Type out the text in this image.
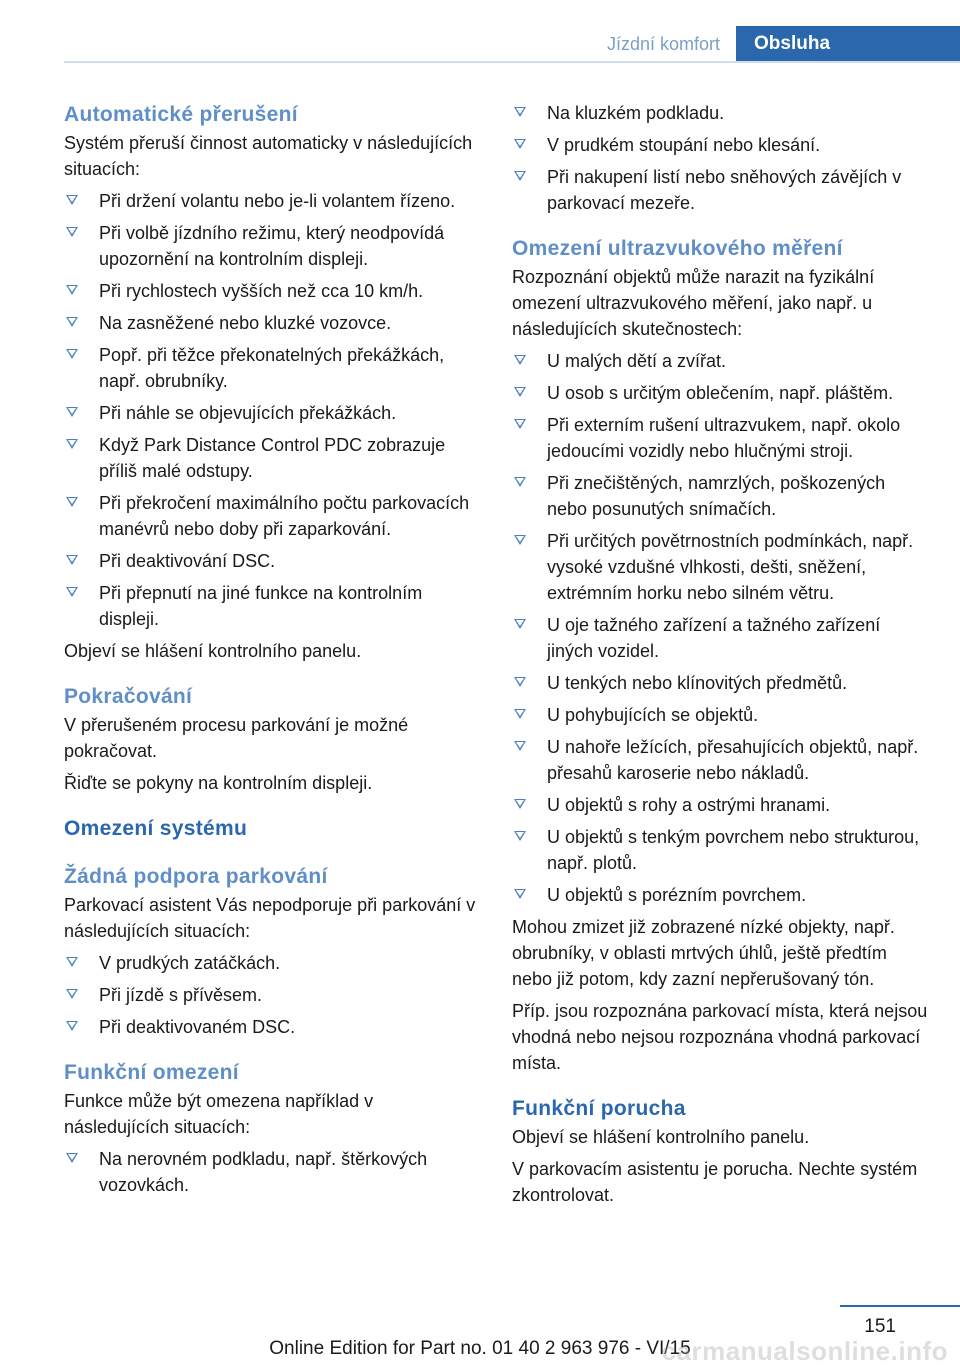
Jízdní komfort	Obsluha
Automatické přerušení

Systém přeruší činnost automaticky v následujících situacích:

Při držení volantu nebo je-li volantem řízeno.
Při volbě jízdního režimu, který neodpovídá upozornění na kontrolním displeji.
Při rychlostech vyšších než cca 10 km/h.
Na zasněžené nebo kluzké vozovce.
Popř. při těžce překonatelných překážkách, např. obrubníky.
Při náhle se objevujících překážkách.
Když Park Distance Control PDC zobrazuje příliš malé odstupy.
Při překročení maximálního počtu parkovacích manévrů nebo doby při zaparkování.
Při deaktivování DSC.
Při přepnutí na jiné funkce na kontrolním displeji.

Objeví se hlášení kontrolního panelu.

Pokračování

V přerušeném procesu parkování je možné pokračovat.

Řiďte se pokyny na kontrolním displeji.

Omezení systému
Žádná podpora parkování

Parkovací asistent Vás nepodporuje při parkování v následujících situacích:

V prudkých zatáčkách.
Při jízdě s přívěsem.
Při deaktivovaném DSC.
Funkční omezení

Funkce může být omezena například v následujících situacích:

Na nerovném podkladu, např. štěrkových vozovkách.
Na kluzkém podkladu.
V prudkém stoupání nebo klesání.
Při nakupení listí nebo sněhových závějích v parkovací mezeře.
Omezení ultrazvukového měření

Rozpoznání objektů může narazit na fyzikální omezení ultrazvukového měření, jako např. u následujících skutečnostech:

U malých dětí a zvířat.
U osob s určitým oblečením, např. pláštěm.
Při externím rušení ultrazvukem, např. okolo jedoucími vozidly nebo hlučnými stroji.
Při znečištěných, namrzlých, poškozených nebo posunutých snímačích.
Při určitých povětrnostních podmínkách, např. vysoké vzdušné vlhkosti, dešti, sněžení, extrémním horku nebo silném větru.
U oje tažného zařízení a tažného zařízení jiných vozidel.
U tenkých nebo klínovitých předmětů.
U pohybujících se objektů.
U nahoře ležících, přesahujících objektů, např. přesahů karoserie nebo nákladů.
U objektů s rohy a ostrými hranami.
U objektů s tenkým povrchem nebo strukturou, např. plotů.
U objektů s porézním povrchem.

Mohou zmizet již zobrazené nízké objekty, např. obrubníky, v oblasti mrtvých úhlů, ještě předtím nebo již potom, kdy zazní nepřerušovaný tón.

Příp. jsou rozpoznána parkovací místa, která nejsou vhodná nebo nejsou rozpoznána vhodná parkovací místa.

Funkční porucha

Objeví se hlášení kontrolního panelu.

V parkovacím asistentu je porucha. Nechte systém zkontrolovat.

151
Online Edition for Part no. 01 40 2 963 976 - VI/15
carmanualsonline.info
